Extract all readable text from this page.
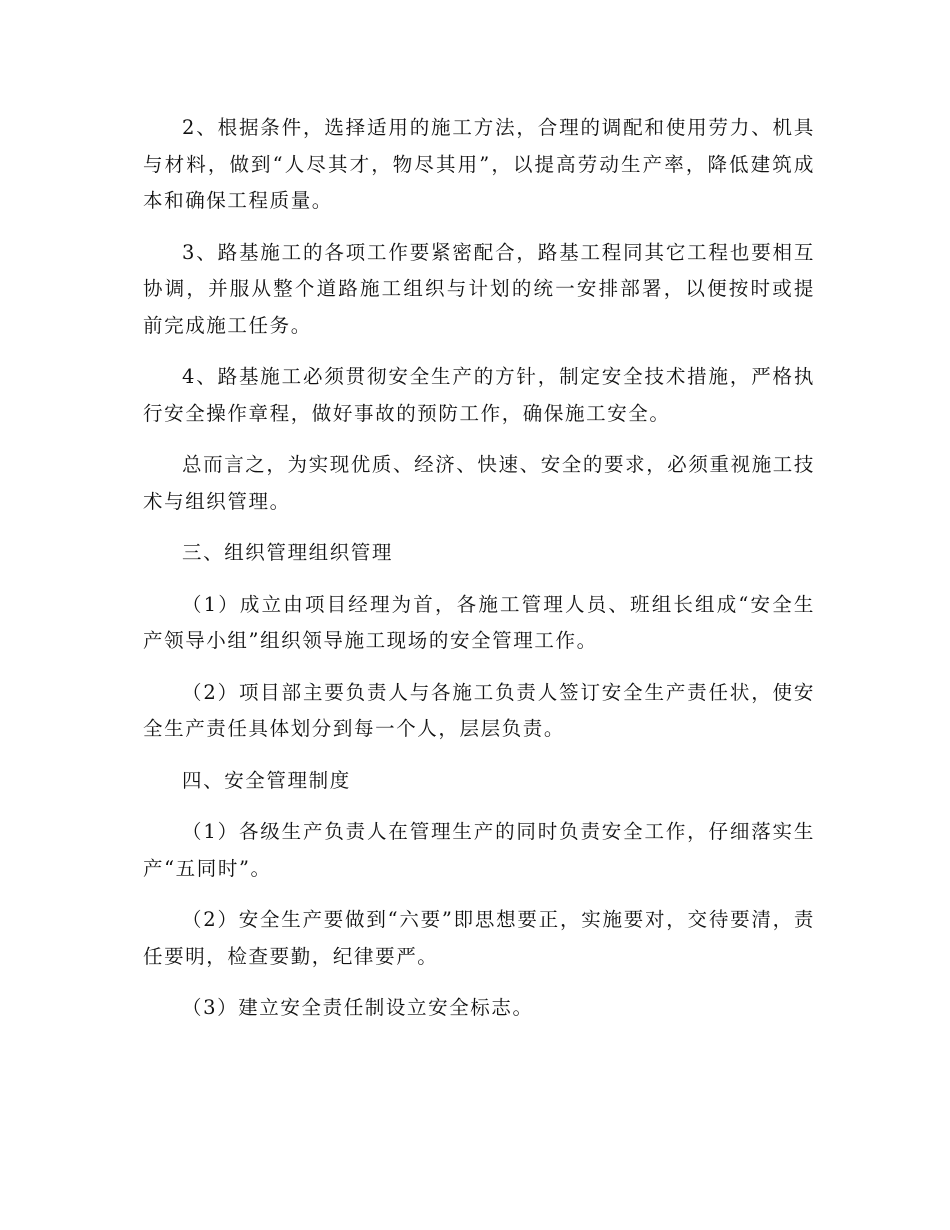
2、根据条件，选择适用的施工方法，合理的调配和使用劳力、机具与材料，做到“人尽其才，物尽其用”，以提高劳动生产率，降低建筑成本和确保工程质量。

3、路基施工的各项工作要紧密配合，路基工程同其它工程也要相互协调，并服从整个道路施工组织与计划的统一安排部署，以便按时或提前完成施工任务。

4、路基施工必须贯彻安全生产的方针，制定安全技术措施，严格执行安全操作章程，做好事故的预防工作，确保施工安全。

总而言之，为实现优质、经济、快速、安全的要求，必须重视施工技术与组织管理。

三、组织管理组织管理

（1）成立由项目经理为首，各施工管理人员、班组长组成“安全生产领导小组”组织领导施工现场的安全管理工作。

（2）项目部主要负责人与各施工负责人签订安全生产责任状，使安全生产责任具体划分到每一个人，层层负责。

四、安全管理制度

（1）各级生产负责人在管理生产的同时负责安全工作，仔细落实生产“五同时”。

（2）安全生产要做到“六要”即思想要正，实施要对，交待要清，责任要明，检查要勤，纪律要严。

（3）建立安全责任制设立安全标志。
